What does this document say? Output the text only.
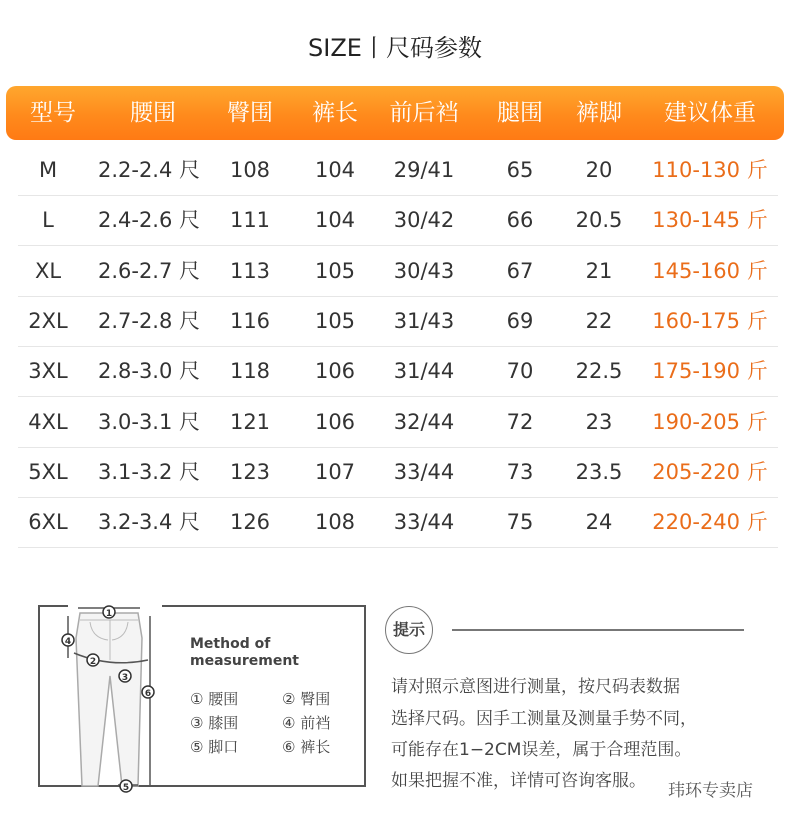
SIZE丨尺码参数
型号	腰围	臀围	裤长	前后裆	腿围	裤脚	建议体重
M	2.2-2.4 尺	108	104	29/41	65	20	110-130 斤
L	2.4-2.6 尺	111	104	30/42	66	20.5	130-145 斤
XL	2.6-2.7 尺	113	105	30/43	67	21	145-160 斤
2XL	2.7-2.8 尺	116	105	31/43	69	22	160-175 斤
3XL	2.8-3.0 尺	118	106	31/44	70	22.5	175-190 斤
4XL	3.0-3.1 尺	121	106	32/44	72	23	190-205 斤
5XL	3.1-3.2 尺	123	107	33/44	73	23.5	205-220 斤
6XL	3.2-3.4 尺	126	108	33/44	75	24	220-240 斤
1
4
2
3
6
5
Method of
measurement
① 腰围	② 臀围
③ 膝围	④ 前裆
⑤ 脚口	⑥ 裤长
提示
请对照示意图进行测量，按尺码表数据
选择尺码。因手工测量及测量手势不同，
可能存在1−2CM误差，属于合理范围。
如果把握不准，详情可咨询客服。 玮环专卖店
